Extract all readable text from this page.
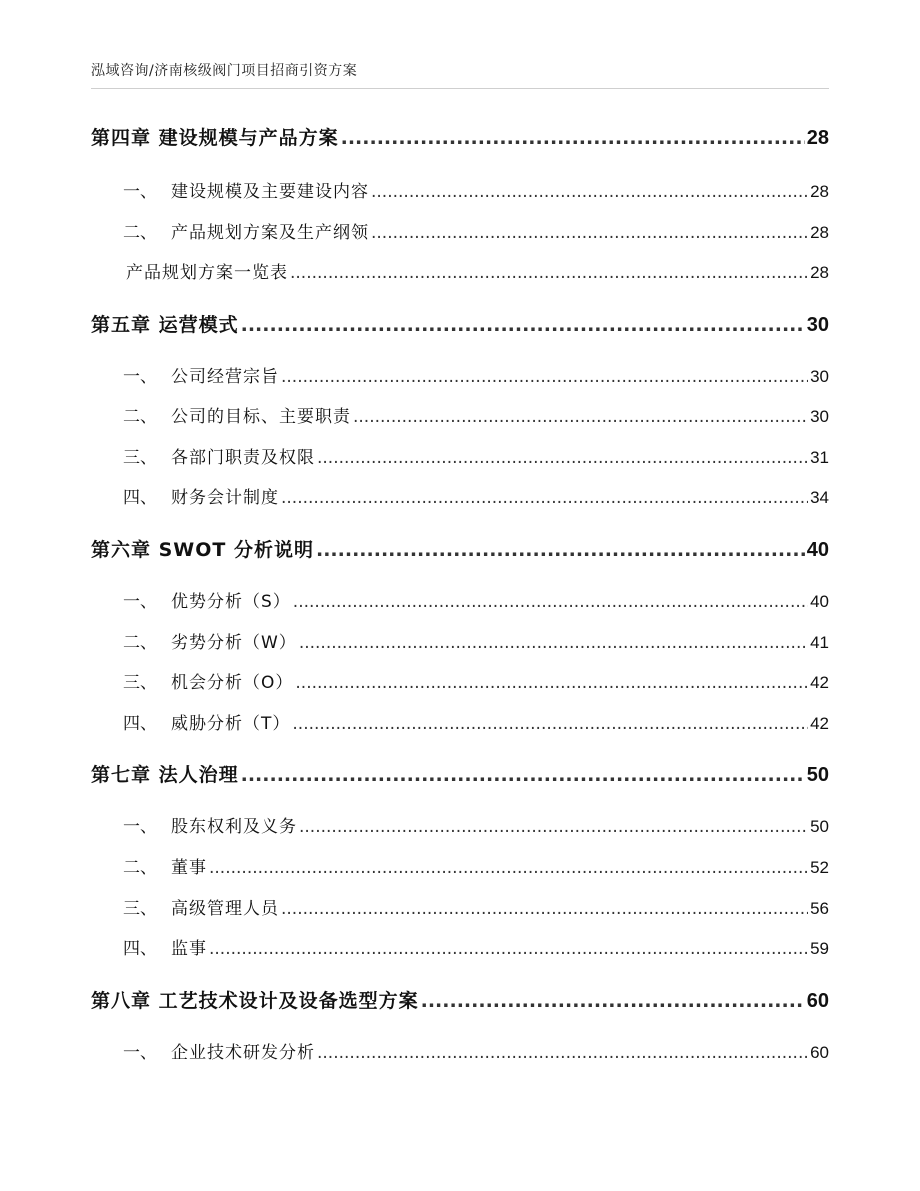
泓域咨询/济南核级阀门项目招商引资方案
第四章 建设规模与产品方案 .....	28
一、 建设规模及主要建设内容 .....	28
二、 产品规划方案及生产纲领 .....	28
产品规划方案一览表 .....	28
第五章 运营模式 .....	30
一、 公司经营宗旨 .....	30
二、 公司的目标、主要职责 .....	30
三、 各部门职责及权限 .....	31
四、 财务会计制度 .....	34
第六章 SWOT 分析说明 .....	40
一、 优势分析（S） .....	40
二、 劣势分析（W） .....	41
三、 机会分析（O） .....	42
四、 威胁分析（T） .....	42
第七章 法人治理 .....	50
一、 股东权利及义务 .....	50
二、 董事 .....	52
三、 高级管理人员 .....	56
四、 监事 .....	59
第八章 工艺技术设计及设备选型方案 .....	60
一、 企业技术研发分析 .....	60
